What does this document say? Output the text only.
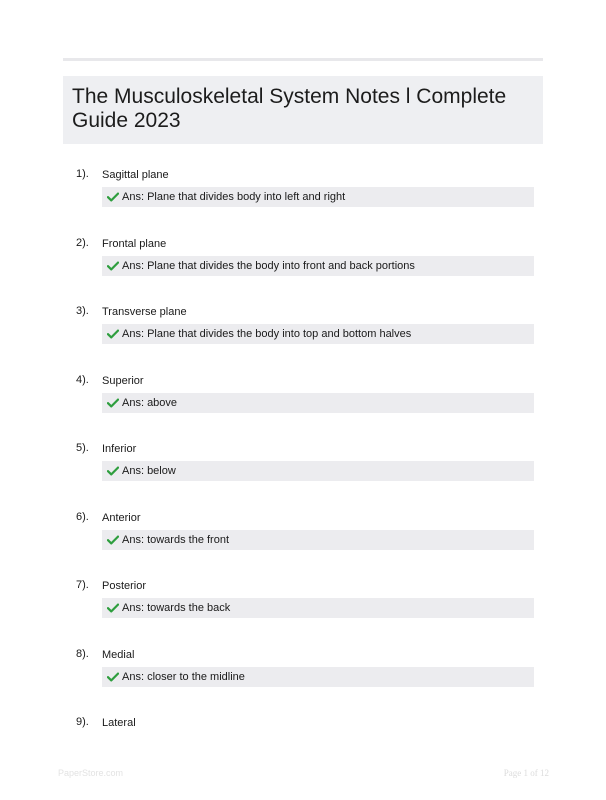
The Musculoskeletal System Notes l Complete Guide 2023
1). Sagittal plane
Ans: Plane that divides body into left and right
2). Frontal plane
Ans: Plane that divides the body into front and back portions
3). Transverse plane
Ans: Plane that divides the body into top and bottom halves
4). Superior
Ans: above
5). Inferior
Ans: below
6). Anterior
Ans: towards the front
7). Posterior
Ans: towards the back
8). Medial
Ans: closer to the midline
9). Lateral
PaperStore.com	Page 1 of 12
